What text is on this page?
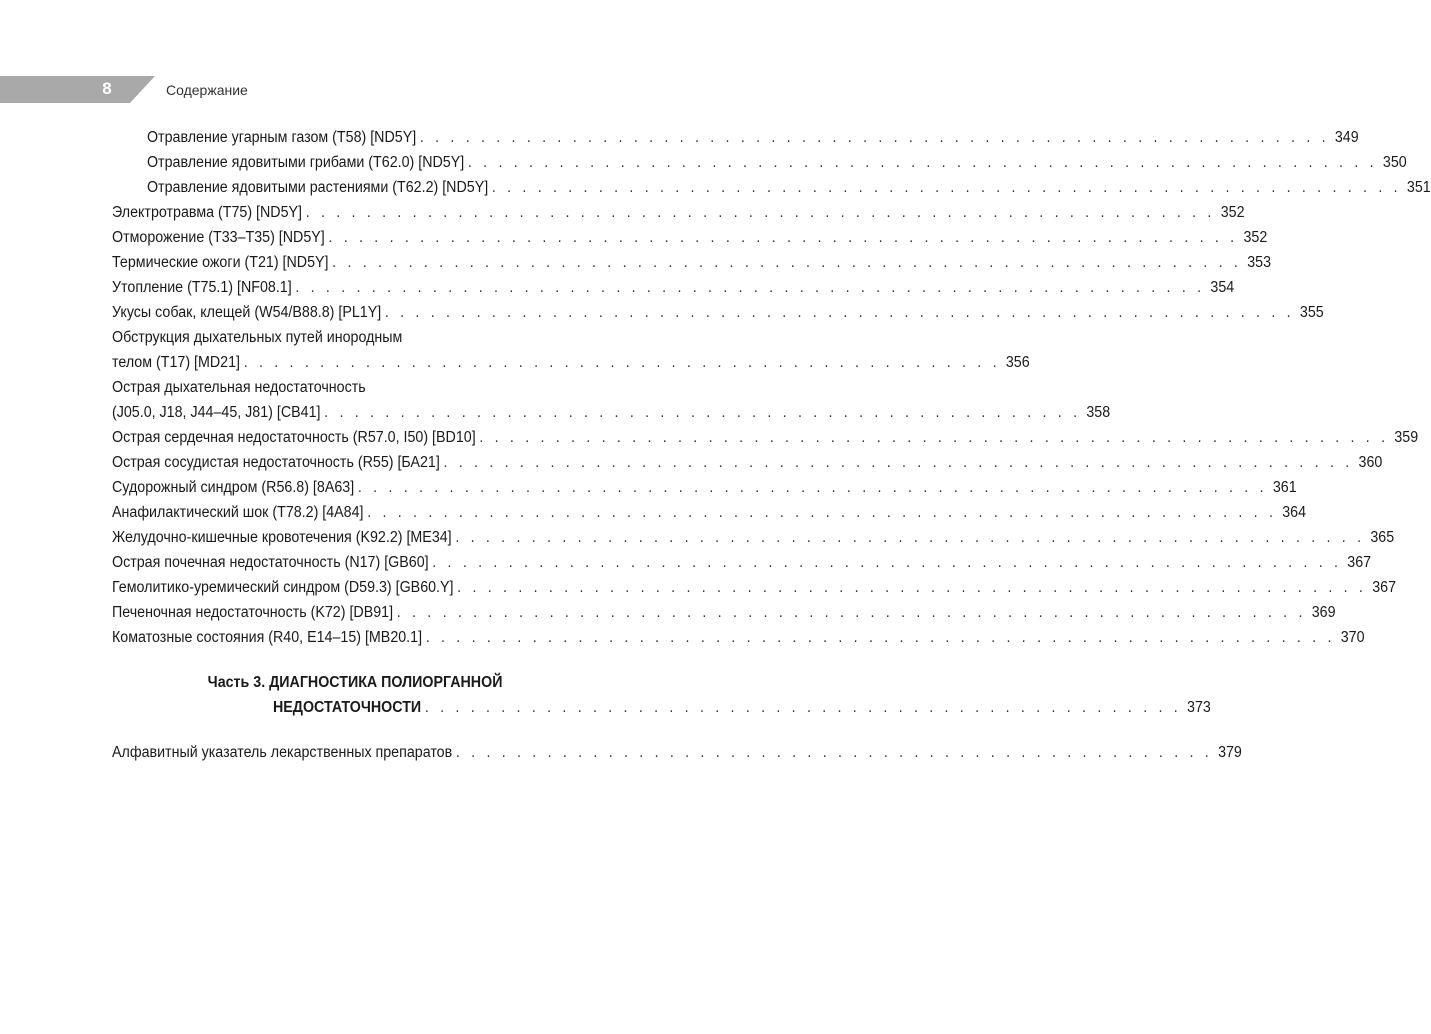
8	Содержание
Отравление угарным газом (T58) [ND5Y] . . . . . . . . . . . . . . . . . . . . . . . . . . . . . . . . . . . . . . . . . . . . . . . . . . . . . . . . . . . . 349
Отравление ядовитыми грибами (T62.0) [ND5Y] . . . . . . . . . . . . . . . . . . . . . . . . . . . . . . . . . . . . . . . . . . . . . . . . . . . . . . . . . . . . 350
Отравление ядовитыми растениями (T62.2) [ND5Y] . . . . . . . . . . . . . . . . . . . . . . . . . . . . . . . . . . . . . . . . . . . . . . . . . . . . . . . . . . . . 351
Электротравма (T75) [ND5Y] . . . . . . . . . . . . . . . . . . . . . . . . . . . . . . . . . . . . . . . . . . . . . . . . . . . . . . . . . . . . 352
Отморожение (T33–T35) [ND5Y] . . . . . . . . . . . . . . . . . . . . . . . . . . . . . . . . . . . . . . . . . . . . . . . . . . . . . . . . . . . . 352
Термические ожоги (T21) [ND5Y] . . . . . . . . . . . . . . . . . . . . . . . . . . . . . . . . . . . . . . . . . . . . . . . . . . . . . . . . . . . . 353
Утопление (T75.1) [NF08.1] . . . . . . . . . . . . . . . . . . . . . . . . . . . . . . . . . . . . . . . . . . . . . . . . . . . . . . . . . . . . 354
Укусы собак, клещей (W54/B88.8) [PL1Y] . . . . . . . . . . . . . . . . . . . . . . . . . . . . . . . . . . . . . . . . . . . . . . . . . . . . . . . . . . . . 355
Обструкция дыхательных путей инородным
телом (T17) [MD21] . . . . . . . . . . . . . . . . . . . . . . . . . . . . . . . . . . . . . . . . . . . . . . . . . . 356
Острая дыхательная недостаточность
(J05.0, J18, J44–45, J81) [CB41] . . . . . . . . . . . . . . . . . . . . . . . . . . . . . . . . . . . . . . . . . . . . . . . . . . 358
Острая сердечная недостаточность (R57.0, I50) [BD10] . . . . . . . . . . . . . . . . . . . . . . . . . . . . . . . . . . . . . . . . . . . . . . . . . . . . . . . . . . . . 359
Острая сосудистая недостаточность (R55) [БА21] . . . . . . . . . . . . . . . . . . . . . . . . . . . . . . . . . . . . . . . . . . . . . . . . . . . . . . . . . . . . 360
Судорожный синдром (R56.8) [8A63] . . . . . . . . . . . . . . . . . . . . . . . . . . . . . . . . . . . . . . . . . . . . . . . . . . . . . . . . . . . . 361
Анафилактический шок (T78.2) [4A84] . . . . . . . . . . . . . . . . . . . . . . . . . . . . . . . . . . . . . . . . . . . . . . . . . . . . . . . . . . . . 364
Желудочно-кишечные кровотечения (K92.2) [ME34] . . . . . . . . . . . . . . . . . . . . . . . . . . . . . . . . . . . . . . . . . . . . . . . . . . . . . . . . . . . . 365
Острая почечная недостаточность (N17) [GB60] . . . . . . . . . . . . . . . . . . . . . . . . . . . . . . . . . . . . . . . . . . . . . . . . . . . . . . . . . . . . 367
Гемолитико-уремический синдром (D59.3) [GB60.Y] . . . . . . . . . . . . . . . . . . . . . . . . . . . . . . . . . . . . . . . . . . . . . . . . . . . . . . . . . . . . 367
Печеночная недостаточность (K72) [DB91] . . . . . . . . . . . . . . . . . . . . . . . . . . . . . . . . . . . . . . . . . . . . . . . . . . . . . . . . . . . . 369
Коматозные состояния (R40, E14–15) [MB20.1] . . . . . . . . . . . . . . . . . . . . . . . . . . . . . . . . . . . . . . . . . . . . . . . . . . . . . . . . . . . . 370
Часть 3. ДИАГНОСТИКА ПОЛИОРГАННОЙ
НЕДОСТАТОЧНОСТИ . . . . . . . . . . . . . . . . . . . . . . . . . . . . . . . . . . . . . . . . . . . . . . . . . . 373
Алфавитный указатель лекарственных препаратов . . . . . . . . . . . . . . . . . . . . . . . . . . . . . . . . . . . . . . . . . . . . . . . . . . 379
